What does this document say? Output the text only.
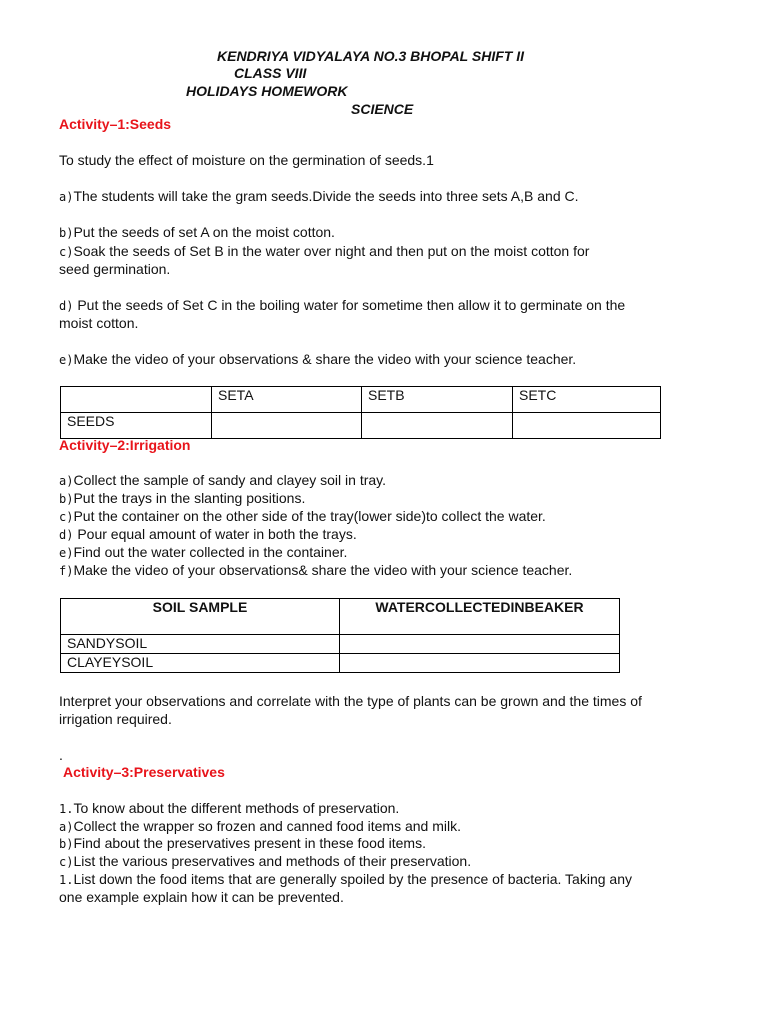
KENDRIYA VIDYALAYA NO.3 BHOPAL SHIFT II
CLASS VIII
HOLIDAYS HOMEWORK
SCIENCE
Activity–1:Seeds
To study the effect of moisture on the germination of seeds.1
a)The students will take the gram seeds.Divide the seeds into three sets A,B and C.
b)Put the seeds of set A on the moist cotton.
c)Soak the seeds of Set B in the water over night and then put on the moist cotton for
seed germination.
d) Put the seeds of Set C in the boiling water for sometime then allow it to germinate on the
moist cotton.
e)Make the video of your observations & share the video with your science teacher.
	SETA	SETB	SETC
SEEDS			
Activity–2:Irrigation
a)Collect the sample of sandy and clayey soil in tray.
b)Put the trays in the slanting positions.
c)Put the container on the other side of the tray(lower side)to collect the water.
d) Pour equal amount of water in both the trays.
e)Find out the water collected in the container.
f)Make the video of your observations& share the video with your science teacher.
SOIL SAMPLE	WATERCOLLECTEDINBEAKER
SANDYSOIL	
CLAYEYSOIL	
Interpret your observations and correlate with the type of plants can be grown and the times of
irrigation required.
.
Activity–3:Preservatives
1.To know about the different methods of preservation.
a)Collect the wrapper so frozen and canned food items and milk.
b)Find about the preservatives present in these food items.
c)List the various preservatives and methods of their preservation.
1.List down the food items that are generally spoiled by the presence of bacteria. Taking any
one example explain how it can be prevented.
